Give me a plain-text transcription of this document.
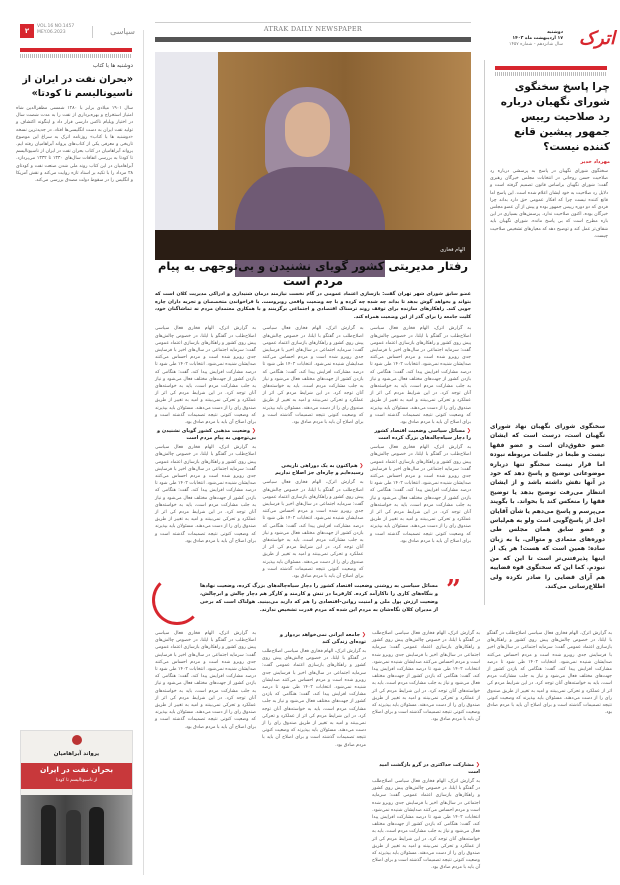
اترک
دوشنبه
۱۷ اردیبهشت ماه ۱۴۰۳
سال شانزدهم - شماره ۱۴۵۷
چرا پاسخ سخنگوی شورای نگهبان درباره رد صلاحیت رییس جمهور پیشین قانع کننده نیست؟
مهرداد خدیر
سخنگوی شورای نگهبان در پاسخ به پرسشی درباره رد صلاحیت حسن روحانی در انتخابات مجلس خبرگان رهبری گفت: شورای نگهبان براساس قانون تصمیم گرفته است و دلایل رد صلاحیت به خود ایشان اعلام شده است. این پاسخ اما قانع کننده نیست چرا که افکار عمومی حق دارد بداند چرا فردی که دو دوره رییس جمهور بوده و پیش از آن عضو مجلس خبرگان بوده، اکنون صلاحیت ندارد. پرسش‌های بسیاری در این باره مطرح است که بی پاسخ مانده. شورای نگهبان باید شفاف‌تر عمل کند و توضیح دهد که معیارهای تشخیص صلاحیت چیست.
سخنگوی شورای نگهبان نهاد شورای نگهبان است، درست است که ایشان عضو حقوق‌دان است و عضو فقها نیست و طبعا در جلسات مربوطه نبوده اما قرار نیست سخنگو تنها درباره موضوعاتی توضیح و پاسخ دهد که خود در آنها نقش داشته باشد و از ایشان انتظار می‌رفت توضیح بدهد یا توضیح فقها را منعکس کند یا بخواند. با بگویند می‌پرسم و پاسخ می‌دهم یا شأن آقایان اجل از پاسخ‌گویی است ولو به هم‌لباس و عضو سابق همان مجلس طی دوره‌های متمادی و متوالی. یا به زبان ساده: همین است که هست! هر یک از اینها پذیرفتنی‌تر است تا این که من نبودم. کما این که سخنگوی قوه قضاییه هم آرای قضایی را صادر نکرده ولی اطلاع‌رسانی می‌کند.
ATRAK DAILY NEWSPAPER
الهام فخاری
رفتار مدیریتی کشور گویای نشنیدن و بی‌توجهی به پیام مردم است
عضو سابق شورای شهر تهران گفت: بازسازی اعتماد عمومی در گام نخست نیازمند درمان شنیداری و ادراکی مدیریت کلان است که بتواند و بخواهد گوش بدهد تا بداند چه شده چه کرده و با چه وضعیت واقعی روبروست. با فراخواندن متخصصان و تجربه داران چاره جویی کند. راهکارهای سازنده برای توقف روند ترسناک اقتصادی و اجتماعی برگزینند و با همکاری معتمدان مردم نه تماشاگنان خود، کلیت جامعه را برای گذر از این وضعیت همراه کند.
به گزارش اترک، الهام فخاری فعال سیاسی اصلاح‌طلب در گفتگو با ایلنا، در خصوص چالش‌های پیش روی کشور و راهکارهای بازسازی اعتماد عمومی گفت: سرمایه اجتماعی در سال‌های اخیر با فرسایش جدی روبرو شده است و مردم احساس می‌کنند صدایشان شنیده نمی‌شود. انتخابات ۱۴۰۲ طی شود تا درصد مشارکت افزایش پیدا کند، گفت: هنگامی که بازدن کشور از جهت‌های مختلف فعال می‌شود و نیاز به جلب مشارکت مردم است، باید به خواسته‌های آنان توجه کرد. در این شرایط مردم کی اثر از عملکرد و تحرکی نمی‌بینند و امید به تغییر از طریق صندوق رای را از دست می‌دهند. مسئولان باید بپذیرند که وضعیت کنونی نتیجه تصمیمات گذشته است و برای اصلاح آن باید با مردم صادق بود.
❮ مسائل سیاسی وضعیت اقتصاد کشور را دچار سیاه‌چاله‌های بزرگ کرده است
به گزارش اترک، الهام فخاری فعال سیاسی اصلاح‌طلب در گفتگو با ایلنا، در خصوص چالش‌های پیش روی کشور و راهکارهای بازسازی اعتماد عمومی گفت: سرمایه اجتماعی در سال‌های اخیر با فرسایش جدی روبرو شده است و مردم احساس می‌کنند صدایشان شنیده نمی‌شود. انتخابات ۱۴۰۲ طی شود تا درصد مشارکت افزایش پیدا کند، گفت: هنگامی که بازدن کشور از جهت‌های مختلف فعال می‌شود و نیاز به جلب مشارکت مردم است، باید به خواسته‌های آنان توجه کرد. در این شرایط مردم کی اثر از عملکرد و تحرکی نمی‌بینند و امید به تغییر از طریق صندوق رای را از دست می‌دهند. مسئولان باید بپذیرند که وضعیت کنونی نتیجه تصمیمات گذشته است و برای اصلاح آن باید با مردم صادق بود.
به گزارش اترک، الهام فخاری فعال سیاسی اصلاح‌طلب در گفتگو با ایلنا، در خصوص چالش‌های پیش روی کشور و راهکارهای بازسازی اعتماد عمومی گفت: سرمایه اجتماعی در سال‌های اخیر با فرسایش جدی روبرو شده است و مردم احساس می‌کنند صدایشان شنیده نمی‌شود. انتخابات ۱۴۰۲ طی شود تا درصد مشارکت افزایش پیدا کند، گفت: هنگامی که بازدن کشور از جهت‌های مختلف فعال می‌شود و نیاز به جلب مشارکت مردم است، باید به خواسته‌های آنان توجه کرد. در این شرایط مردم کی اثر از عملکرد و تحرکی نمی‌بینند و امید به تغییر از طریق صندوق رای را از دست می‌دهند. مسئولان باید بپذیرند که وضعیت کنونی نتیجه تصمیمات گذشته است و برای اصلاح آن باید با مردم صادق بود.
❮ هم‌اکنون به یک دوراهی تاریخی رسیده‌ایم و چاره‌ای جز اصلاح نداریم
به گزارش اترک، الهام فخاری فعال سیاسی اصلاح‌طلب در گفتگو با ایلنا، در خصوص چالش‌های پیش روی کشور و راهکارهای بازسازی اعتماد عمومی گفت: سرمایه اجتماعی در سال‌های اخیر با فرسایش جدی روبرو شده است و مردم احساس می‌کنند صدایشان شنیده نمی‌شود. انتخابات ۱۴۰۲ طی شود تا درصد مشارکت افزایش پیدا کند، گفت: هنگامی که بازدن کشور از جهت‌های مختلف فعال می‌شود و نیاز به جلب مشارکت مردم است، باید به خواسته‌های آنان توجه کرد. در این شرایط مردم کی اثر از عملکرد و تحرکی نمی‌بینند و امید به تغییر از طریق صندوق رای را از دست می‌دهند. مسئولان باید بپذیرند که وضعیت کنونی نتیجه تصمیمات گذشته است و برای اصلاح آن باید با مردم صادق بود.
به گزارش اترک، الهام فخاری فعال سیاسی اصلاح‌طلب در گفتگو با ایلنا، در خصوص چالش‌های پیش روی کشور و راهکارهای بازسازی اعتماد عمومی گفت: سرمایه اجتماعی در سال‌های اخیر با فرسایش جدی روبرو شده است و مردم احساس می‌کنند صدایشان شنیده نمی‌شود. انتخابات ۱۴۰۲ طی شود تا درصد مشارکت افزایش پیدا کند، گفت: هنگامی که بازدن کشور از جهت‌های مختلف فعال می‌شود و نیاز به جلب مشارکت مردم است، باید به خواسته‌های آنان توجه کرد. در این شرایط مردم کی اثر از عملکرد و تحرکی نمی‌بینند و امید به تغییر از طریق صندوق رای را از دست می‌دهند. مسئولان باید بپذیرند که وضعیت کنونی نتیجه تصمیمات گذشته است و برای اصلاح آن باید با مردم صادق بود.
❮ وضعیت مذهبی کشور گویای نشنیدن و بی‌توجهی به پیام مردم است
به گزارش اترک، الهام فخاری فعال سیاسی اصلاح‌طلب در گفتگو با ایلنا، در خصوص چالش‌های پیش روی کشور و راهکارهای بازسازی اعتماد عمومی گفت: سرمایه اجتماعی در سال‌های اخیر با فرسایش جدی روبرو شده است و مردم احساس می‌کنند صدایشان شنیده نمی‌شود. انتخابات ۱۴۰۲ طی شود تا درصد مشارکت افزایش پیدا کند، گفت: هنگامی که بازدن کشور از جهت‌های مختلف فعال می‌شود و نیاز به جلب مشارکت مردم است، باید به خواسته‌های آنان توجه کرد. در این شرایط مردم کی اثر از عملکرد و تحرکی نمی‌بینند و امید به تغییر از طریق صندوق رای را از دست می‌دهند. مسئولان باید بپذیرند که وضعیت کنونی نتیجه تصمیمات گذشته است و برای اصلاح آن باید با مردم صادق بود.
”
مسائل سیاسی به روشنی وضعیت اقتصاد کشور را دچار سیاه‌چاله‌های بزرگ کرده، وضعیت نهادها و بنگاه‌های کاری را ناکارآمد کرده. کارفرما در تنش و کارمند و کارگر هم دچار چالش و ابرچالش، وضعیت ارزش پول ملی و امنیت روانی-اقتصادی را هم که دارید می‌بینید. هولناک است که برخی از مدیران کلان نگاه‌شان به مردم این شده که مردم قدرت تشخیص ندارند.
به گزارش اترک، الهام فخاری فعال سیاسی اصلاح‌طلب در گفتگو با ایلنا، در خصوص چالش‌های پیش روی کشور و راهکارهای بازسازی اعتماد عمومی گفت: سرمایه اجتماعی در سال‌های اخیر با فرسایش جدی روبرو شده است و مردم احساس می‌کنند صدایشان شنیده نمی‌شود. انتخابات ۱۴۰۲ طی شود تا درصد مشارکت افزایش پیدا کند، گفت: هنگامی که بازدن کشور از جهت‌های مختلف فعال می‌شود و نیاز به جلب مشارکت مردم است، باید به خواسته‌های آنان توجه کرد. در این شرایط مردم کی اثر از عملکرد و تحرکی نمی‌بینند و امید به تغییر از طریق صندوق رای را از دست می‌دهند. مسئولان باید بپذیرند که وضعیت کنونی نتیجه تصمیمات گذشته است و برای اصلاح آن باید با مردم صادق بود.
به گزارش اترک، الهام فخاری فعال سیاسی اصلاح‌طلب در گفتگو با ایلنا، در خصوص چالش‌های پیش روی کشور و راهکارهای بازسازی اعتماد عمومی گفت: سرمایه اجتماعی در سال‌های اخیر با فرسایش جدی روبرو شده است و مردم احساس می‌کنند صدایشان شنیده نمی‌شود. انتخابات ۱۴۰۲ طی شود تا درصد مشارکت افزایش پیدا کند، گفت: هنگامی که بازدن کشور از جهت‌های مختلف فعال می‌شود و نیاز به جلب مشارکت مردم است، باید به خواسته‌های آنان توجه کرد. در این شرایط مردم کی اثر از عملکرد و تحرکی نمی‌بینند و امید به تغییر از طریق صندوق رای را از دست می‌دهند. مسئولان باید بپذیرند که وضعیت کنونی نتیجه تصمیمات گذشته است و برای اصلاح آن باید با مردم صادق بود.
❮ مشارکت حداکثری در گرو بازگشت امید است
به گزارش اترک، الهام فخاری فعال سیاسی اصلاح‌طلب در گفتگو با ایلنا، در خصوص چالش‌های پیش روی کشور و راهکارهای بازسازی اعتماد عمومی گفت: سرمایه اجتماعی در سال‌های اخیر با فرسایش جدی روبرو شده است و مردم احساس می‌کنند صدایشان شنیده نمی‌شود. انتخابات ۱۴۰۲ طی شود تا درصد مشارکت افزایش پیدا کند، گفت: هنگامی که بازدن کشور از جهت‌های مختلف فعال می‌شود و نیاز به جلب مشارکت مردم است، باید به خواسته‌های آنان توجه کرد. در این شرایط مردم کی اثر از عملکرد و تحرکی نمی‌بینند و امید به تغییر از طریق صندوق رای را از دست می‌دهند. مسئولان باید بپذیرند که وضعیت کنونی نتیجه تصمیمات گذشته است و برای اصلاح آن باید با مردم صادق بود.
❮ جامعه ایرانی نمی‌خواهد بردوار و توده‌ای زندگی کند
به گزارش اترک، الهام فخاری فعال سیاسی اصلاح‌طلب در گفتگو با ایلنا، در خصوص چالش‌های پیش روی کشور و راهکارهای بازسازی اعتماد عمومی گفت: سرمایه اجتماعی در سال‌های اخیر با فرسایش جدی روبرو شده است و مردم احساس می‌کنند صدایشان شنیده نمی‌شود. انتخابات ۱۴۰۲ طی شود تا درصد مشارکت افزایش پیدا کند، گفت: هنگامی که بازدن کشور از جهت‌های مختلف فعال می‌شود و نیاز به جلب مشارکت مردم است، باید به خواسته‌های آنان توجه کرد. در این شرایط مردم کی اثر از عملکرد و تحرکی نمی‌بینند و امید به تغییر از طریق صندوق رای را از دست می‌دهند. مسئولان باید بپذیرند که وضعیت کنونی نتیجه تصمیمات گذشته است و برای اصلاح آن باید با مردم صادق بود.
به گزارش اترک، الهام فخاری فعال سیاسی اصلاح‌طلب در گفتگو با ایلنا، در خصوص چالش‌های پیش روی کشور و راهکارهای بازسازی اعتماد عمومی گفت: سرمایه اجتماعی در سال‌های اخیر با فرسایش جدی روبرو شده است و مردم احساس می‌کنند صدایشان شنیده نمی‌شود. انتخابات ۱۴۰۲ طی شود تا درصد مشارکت افزایش پیدا کند، گفت: هنگامی که بازدن کشور از جهت‌های مختلف فعال می‌شود و نیاز به جلب مشارکت مردم است، باید به خواسته‌های آنان توجه کرد. در این شرایط مردم کی اثر از عملکرد و تحرکی نمی‌بینند و امید به تغییر از طریق صندوق رای را از دست می‌دهند. مسئولان باید بپذیرند که وضعیت کنونی نتیجه تصمیمات گذشته است و برای اصلاح آن باید با مردم صادق بود.
۲
VOL.16 NO.1457
MEY.06.2023	سیاسی
دوشنبه ها با کتاب
«بحران نفت در ایران از ناسیونالیسم تا کودتا»
سال ۱۹۰۱ میلادی برابر با ۱۲۸۰ شمسی مظفرالدین شاه امتیاز استخراج و بهره‌برداری از نفت را به مدت شصت سال در اختیار ویلیام ناکس دارسی قرار داد و اینگونه اکتشاف و تولید نفت ایران به دست انگلیسی‌ها افتاد. در جدیدترین نسخه «دوشنبه ها با کتاب» روزنامه اترک به سراغ این موضوع تاریخی و معرفی یکی از کتاب‌های یرواند آبراهامیان رفته ایم. یرواند آبراهامیان در کتاب بحران نفت در ایران از ناسیونالیسم تا کودتا به بررسی اتفاقات سال‌های ۱۳۳۰ تا ۱۳۳۲ می‌پردازد. آبراهامیان در این کتاب روند ملی شدن صنعت نفت و کودتای ۲۸ مرداد را با تکیه بر اسناد تازه روایت می‌کند و نقش آمریکا و انگلیس را در سقوط دولت مصدق بررسی می‌کند.
یرواند آبراهامیان
بحران نفت در ایران
از ناسیونالیسم تا کودتا
